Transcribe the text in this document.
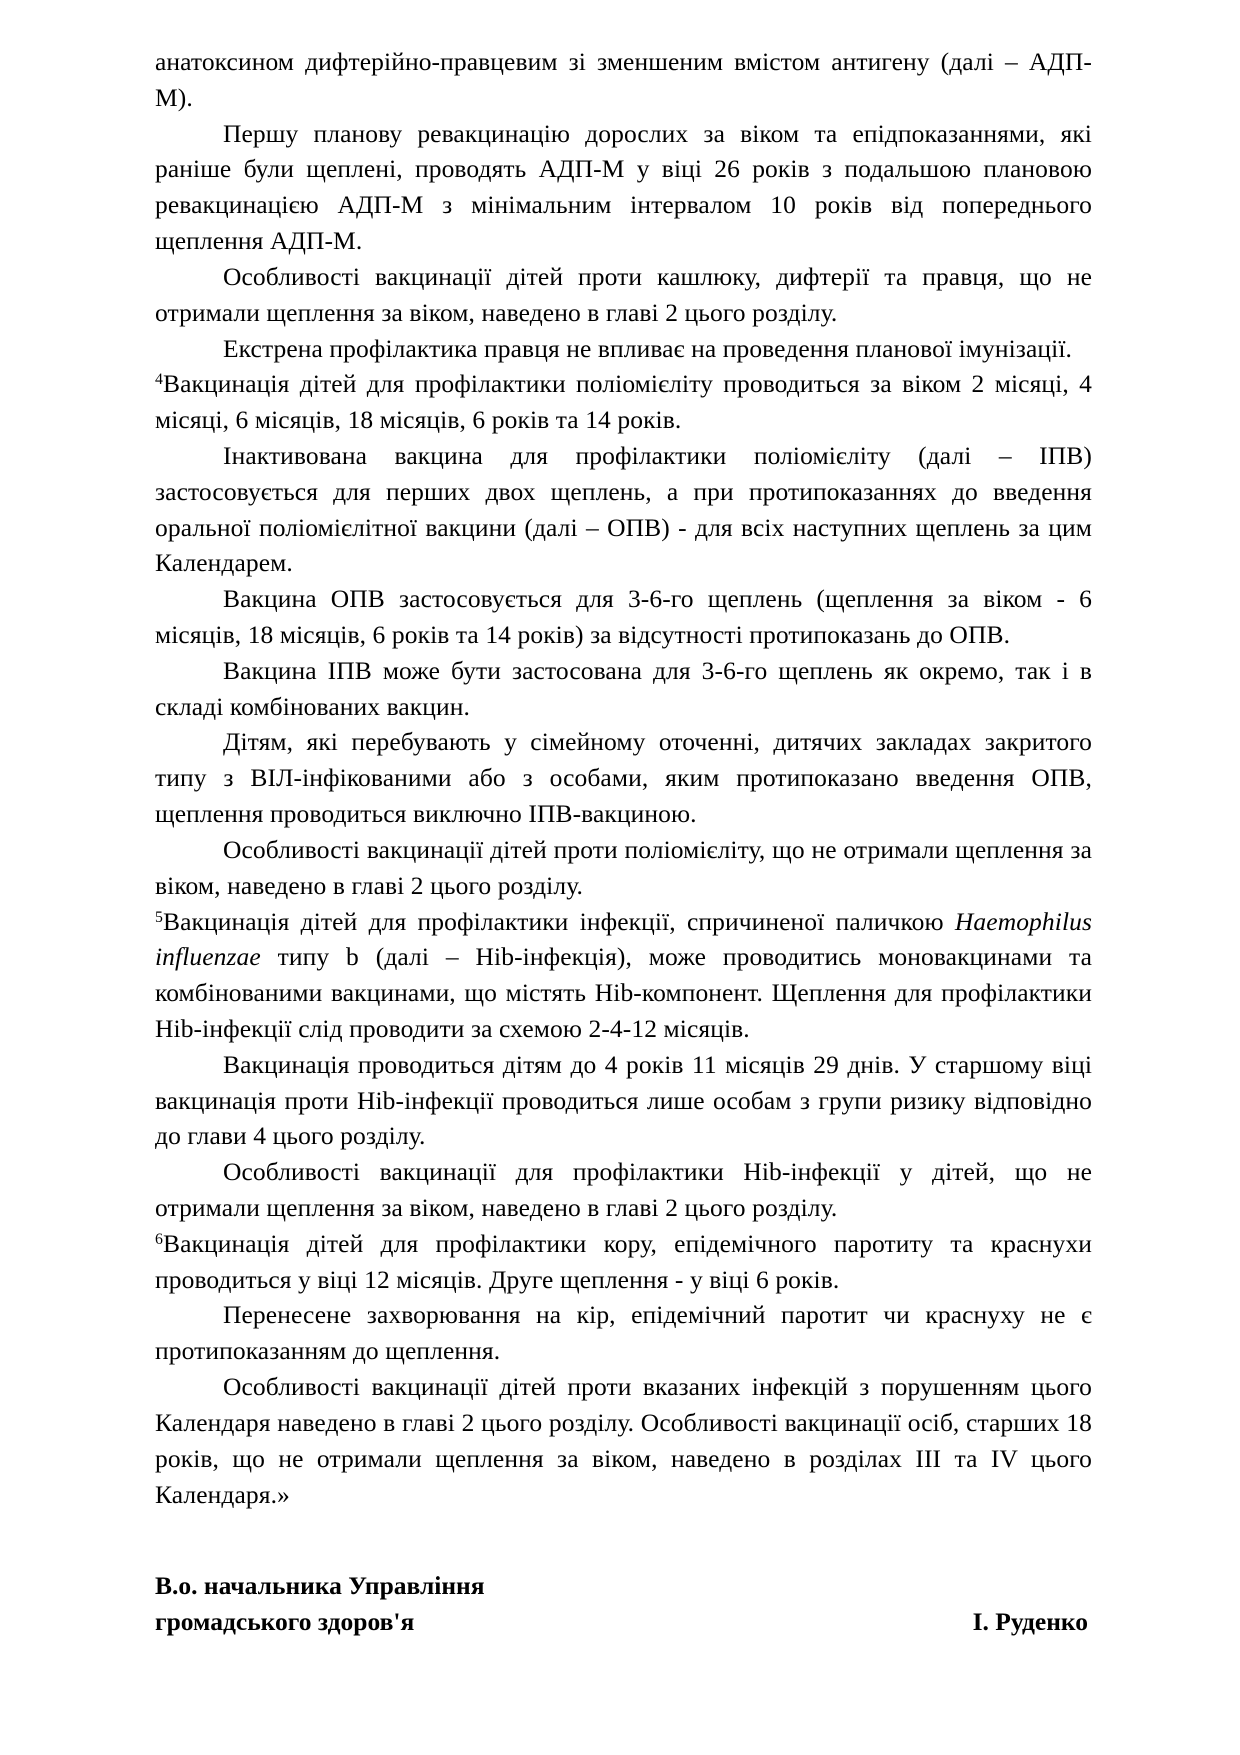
анатоксином дифтерійно-правцевим зі зменшеним вмістом антигену (далі – АДП-М).

Першу планову ревакцинацію дорослих за віком та епідпоказаннями, які раніше були щеплені, проводять АДП-М у віці 26 років з подальшою плановою ревакцинацією АДП-М з мінімальним інтервалом 10 років від попереднього щеплення АДП-М.

Особливості вакцинації дітей проти кашлюку, дифтерії та правця, що не отримали щеплення за віком, наведено в главі 2 цього розділу.

Екстрена профілактика правця не впливає на проведення планової імунізації.

$^4$Вакцинація дітей для профілактики поліомієліту проводиться за віком 2 місяці, 4 місяці, 6 місяців, 18 місяців, 6 років та 14 років.

Інактивована вакцина для профілактики поліомієліту (далі – ІПВ) застосовується для перших двох щеплень, а при протипоказаннях до введення оральної поліомієлітної вакцини (далі – ОПВ) - для всіх наступних щеплень за цим Календарем.

Вакцина ОПВ застосовується для 3-6-го щеплень (щеплення за віком - 6 місяців, 18 місяців, 6 років та 14 років) за відсутності протипоказань до ОПВ.

Вакцина ІПВ може бути застосована для 3-6-го щеплень як окремо, так і в складі комбінованих вакцин.

Дітям, які перебувають у сімейному оточенні, дитячих закладах закритого типу з ВІЛ-інфікованими або з особами, яким протипоказано введення ОПВ, щеплення проводиться виключно ІПВ-вакциною.

Особливості вакцинації дітей проти поліомієліту, що не отримали щеплення за віком, наведено в главі 2 цього розділу.

$^5$Вакцинація дітей для профілактики інфекції, спричиненої паличкою Haemophilus influenzae типу b (далі – Hib-інфекція), може проводитись моновакцинами та комбінованими вакцинами, що містять Hib-компонент. Щеплення для профілактики Hib-інфекції слід проводити за схемою 2-4-12 місяців.

Вакцинація проводиться дітям до 4 років 11 місяців 29 днів. У старшому віці вакцинація проти Hib-інфекції проводиться лише особам з групи ризику відповідно до глави 4 цього розділу.

Особливості вакцинації для профілактики Hib-інфекції у дітей, що не отримали щеплення за віком, наведено в главі 2 цього розділу.

$^6$Вакцинація дітей для профілактики кору, епідемічного паротиту та краснухи проводиться у віці 12 місяців. Друге щеплення - у віці 6 років.

Перенесене захворювання на кір, епідемічний паротит чи краснуху не є протипоказанням до щеплення.

Особливості вакцинації дітей проти вказаних інфекцій з порушенням цього Календаря наведено в главі 2 цього розділу. Особливості вакцинації осіб, старших 18 років, що не отримали щеплення за віком, наведено в розділах III та IV цього Календаря.»

В.о. начальника Управління
громадського здоров'я	І. Руденко
